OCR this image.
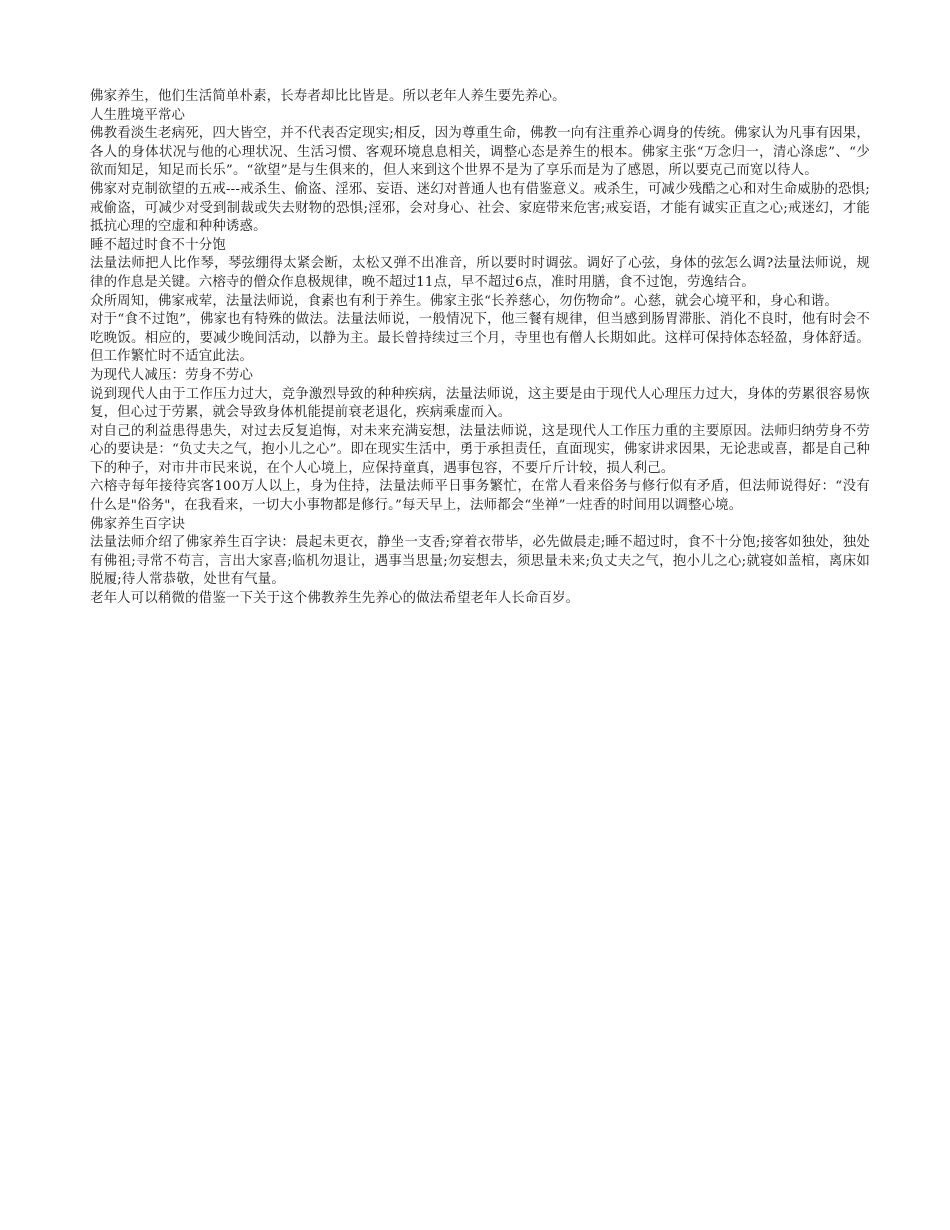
佛家养生，他们生活简单朴素，长寿者却比比皆是。所以老年人养生要先养心。

人生胜境平常心

佛教看淡生老病死，四大皆空，并不代表否定现实;相反，因为尊重生命，佛教一向有注重养心调身的传统。佛家认为凡事有因果，各人的身体状况与他的心理状况、生活习惯、客观环境息息相关，调整心态是养生的根本。佛家主张“万念归一，清心涤虑”、“少欲而知足，知足而长乐”。“欲望”是与生俱来的，但人来到这个世界不是为了享乐而是为了感恩，所以要克己而宽以待人。

佛家对克制欲望的五戒---戒杀生、偷盗、淫邪、妄语、迷幻对普通人也有借鉴意义。戒杀生，可减少残酷之心和对生命威胁的恐惧;戒偷盗，可减少对受到制裁或失去财物的恐惧;淫邪，会对身心、社会、家庭带来危害;戒妄语，才能有诚实正直之心;戒迷幻，才能抵抗心理的空虚和种种诱惑。

睡不超过时食不十分饱

法量法师把人比作琴，琴弦绷得太紧会断，太松又弹不出准音，所以要时时调弦。调好了心弦，身体的弦怎么调?法量法师说，规律的作息是关键。六榕寺的僧众作息极规律，晚不超过11点，早不超过6点，准时用膳，食不过饱，劳逸结合。

众所周知，佛家戒荤，法量法师说，食素也有利于养生。佛家主张“长养慈心，勿伤物命”。心慈，就会心境平和，身心和谐。

对于“食不过饱”，佛家也有特殊的做法。法量法师说，一般情况下，他三餐有规律，但当感到肠胃滞胀、消化不良时，他有时会不吃晚饭。相应的，要减少晚间活动，以静为主。最长曾持续过三个月，寺里也有僧人长期如此。这样可保持体态轻盈，身体舒适。但工作繁忙时不适宜此法。

为现代人减压：劳身不劳心

说到现代人由于工作压力过大，竞争激烈导致的种种疾病，法量法师说，这主要是由于现代人心理压力过大，身体的劳累很容易恢复，但心过于劳累，就会导致身体机能提前衰老退化，疾病乘虚而入。

对自己的利益患得患失，对过去反复追悔，对未来充满妄想，法量法师说，这是现代人工作压力重的主要原因。法师归纳劳身不劳心的要诀是：“负丈夫之气，抱小儿之心”。即在现实生活中，勇于承担责任，直面现实，佛家讲求因果，无论悲或喜，都是自己种下的种子，对市井市民来说，在个人心境上，应保持童真，遇事包容，不要斤斤计较，损人利己。

六榕寺每年接待宾客100万人以上，身为住持，法量法师平日事务繁忙，在常人看来俗务与修行似有矛盾，但法师说得好：“没有什么是"俗务"，在我看来，一切大小事物都是修行。”每天早上，法师都会“坐禅”一炷香的时间用以调整心境。

佛家养生百字诀

法量法师介绍了佛家养生百字诀：晨起未更衣，静坐一支香;穿着衣带毕，必先做晨走;睡不超过时，食不十分饱;接客如独处，独处有佛祖;寻常不苟言，言出大家喜;临机勿退让，遇事当思量;勿妄想去，须思量未来;负丈夫之气，抱小儿之心;就寝如盖棺，离床如脱履;待人常恭敬，处世有气量。

老年人可以稍微的借鉴一下关于这个佛教养生先养心的做法希望老年人长命百岁。
